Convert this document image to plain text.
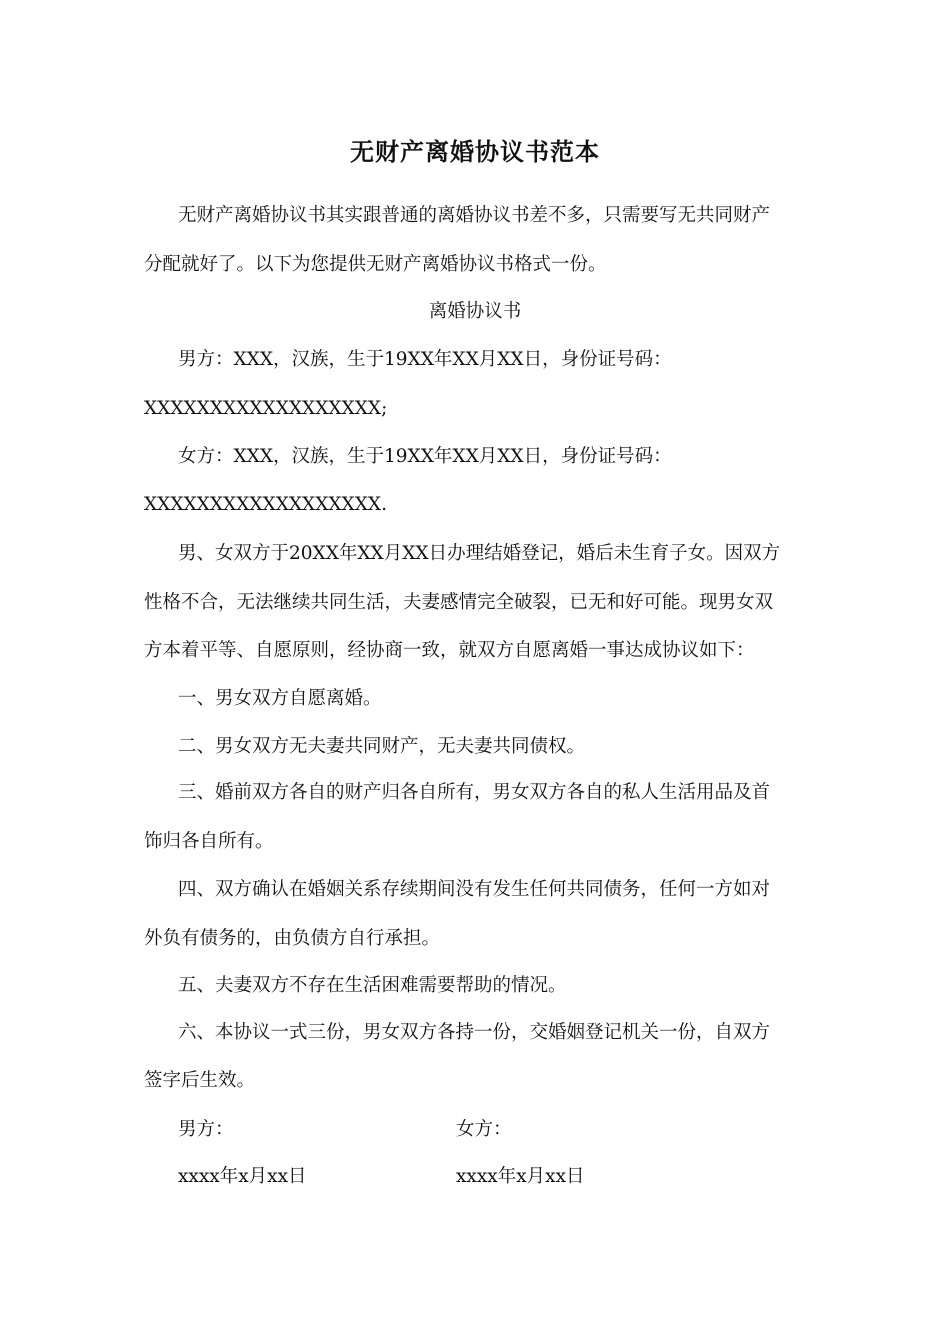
无财产离婚协议书范本
无财产离婚协议书其实跟普通的离婚协议书差不多，只需要写无共同财产
分配就好了。以下为您提供无财产离婚协议书格式一份。
离婚协议书
男方：XXX，汉族，生于19XX年XX月XX日，身份证号码：
XXXXXXXXXXXXXXXXXX;
女方：XXX，汉族，生于19XX年XX月XX日，身份证号码：
XXXXXXXXXXXXXXXXXX.
男、女双方于20XX年XX月XX日办理结婚登记，婚后未生育子女。因双方
性格不合，无法继续共同生活，夫妻感情完全破裂，已无和好可能。现男女双
方本着平等、自愿原则，经协商一致，就双方自愿离婚一事达成协议如下：
一、男女双方自愿离婚。
二、男女双方无夫妻共同财产，无夫妻共同债权。
三、婚前双方各自的财产归各自所有，男女双方各自的私人生活用品及首
饰归各自所有。
四、双方确认在婚姻关系存续期间没有发生任何共同债务，任何一方如对
外负有债务的，由负债方自行承担。
五、夫妻双方不存在生活困难需要帮助的情况。
六、本协议一式三份，男女双方各持一份，交婚姻登记机关一份，自双方
签字后生效。
男方：	女方：
xxxx年x月xx日	xxxx年x月xx日
